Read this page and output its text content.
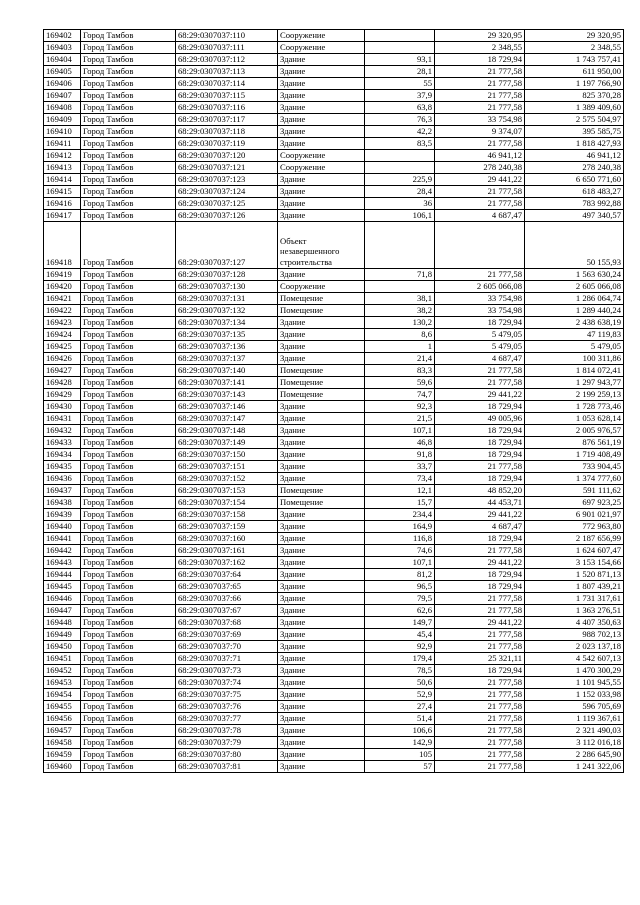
169402	Город Тамбов	68:29:0307037:110	Сооружение		29 320,95	29 320,95
169403	Город Тамбов	68:29:0307037:111	Сооружение		2 348,55	2 348,55
169404	Город Тамбов	68:29:0307037:112	Здание	93,1	18 729,94	1 743 757,41
169405	Город Тамбов	68:29:0307037:113	Здание	28,1	21 777,58	611 950,00
169406	Город Тамбов	68:29:0307037:114	Здание	55	21 777,58	1 197 766,90
169407	Город Тамбов	68:29:0307037:115	Здание	37,9	21 777,58	825 370,28
169408	Город Тамбов	68:29:0307037:116	Здание	63,8	21 777,58	1 389 409,60
169409	Город Тамбов	68:29:0307037:117	Здание	76,3	33 754,98	2 575 504,97
169410	Город Тамбов	68:29:0307037:118	Здание	42,2	9 374,07	395 585,75
169411	Город Тамбов	68:29:0307037:119	Здание	83,5	21 777,58	1 818 427,93
169412	Город Тамбов	68:29:0307037:120	Сооружение		46 941,12	46 941,12
169413	Город Тамбов	68:29:0307037:121	Сооружение		278 240,38	278 240,38
169414	Город Тамбов	68:29:0307037:123	Здание	225,9	29 441,22	6 650 771,60
169415	Город Тамбов	68:29:0307037:124	Здание	28,4	21 777,58	618 483,27
169416	Город Тамбов	68:29:0307037:125	Здание	36	21 777,58	783 992,88
169417	Город Тамбов	68:29:0307037:126	Здание	106,1	4 687,47	497 340,57
169418	Город Тамбов	68:29:0307037:127	Объект незавершенного строительства			50 155,93
169419	Город Тамбов	68:29:0307037:128	Здание	71,8	21 777,58	1 563 630,24
169420	Город Тамбов	68:29:0307037:130	Сооружение		2 605 066,08	2 605 066,08
169421	Город Тамбов	68:29:0307037:131	Помещение	38,1	33 754,98	1 286 064,74
169422	Город Тамбов	68:29:0307037:132	Помещение	38,2	33 754,98	1 289 440,24
169423	Город Тамбов	68:29:0307037:134	Здание	130,2	18 729,94	2 438 638,19
169424	Город Тамбов	68:29:0307037:135	Здание	8,6	5 479,05	47 119,83
169425	Город Тамбов	68:29:0307037:136	Здание	1	5 479,05	5 479,05
169426	Город Тамбов	68:29:0307037:137	Здание	21,4	4 687,47	100 311,86
169427	Город Тамбов	68:29:0307037:140	Помещение	83,3	21 777,58	1 814 072,41
169428	Город Тамбов	68:29:0307037:141	Помещение	59,6	21 777,58	1 297 943,77
169429	Город Тамбов	68:29:0307037:143	Помещение	74,7	29 441,22	2 199 259,13
169430	Город Тамбов	68:29:0307037:146	Здание	92,3	18 729,94	1 728 773,46
169431	Город Тамбов	68:29:0307037:147	Здание	21,5	49 005,96	1 053 628,14
169432	Город Тамбов	68:29:0307037:148	Здание	107,1	18 729,94	2 005 976,57
169433	Город Тамбов	68:29:0307037:149	Здание	46,8	18 729,94	876 561,19
169434	Город Тамбов	68:29:0307037:150	Здание	91,8	18 729,94	1 719 408,49
169435	Город Тамбов	68:29:0307037:151	Здание	33,7	21 777,58	733 904,45
169436	Город Тамбов	68:29:0307037:152	Здание	73,4	18 729,94	1 374 777,60
169437	Город Тамбов	68:29:0307037:153	Помещение	12,1	48 852,20	591 111,62
169438	Город Тамбов	68:29:0307037:154	Помещение	15,7	44 453,71	697 923,25
169439	Город Тамбов	68:29:0307037:158	Здание	234,4	29 441,22	6 901 021,97
169440	Город Тамбов	68:29:0307037:159	Здание	164,9	4 687,47	772 963,80
169441	Город Тамбов	68:29:0307037:160	Здание	116,8	18 729,94	2 187 656,99
169442	Город Тамбов	68:29:0307037:161	Здание	74,6	21 777,58	1 624 607,47
169443	Город Тамбов	68:29:0307037:162	Здание	107,1	29 441,22	3 153 154,66
169444	Город Тамбов	68:29:0307037:64	Здание	81,2	18 729,94	1 520 871,13
169445	Город Тамбов	68:29:0307037:65	Здание	96,5	18 729,94	1 807 439,21
169446	Город Тамбов	68:29:0307037:66	Здание	79,5	21 777,58	1 731 317,61
169447	Город Тамбов	68:29:0307037:67	Здание	62,6	21 777,58	1 363 276,51
169448	Город Тамбов	68:29:0307037:68	Здание	149,7	29 441,22	4 407 350,63
169449	Город Тамбов	68:29:0307037:69	Здание	45,4	21 777,58	988 702,13
169450	Город Тамбов	68:29:0307037:70	Здание	92,9	21 777,58	2 023 137,18
169451	Город Тамбов	68:29:0307037:71	Здание	179,4	25 321,11	4 542 607,13
169452	Город Тамбов	68:29:0307037:73	Здание	78,5	18 729,94	1 470 300,29
169453	Город Тамбов	68:29:0307037:74	Здание	50,6	21 777,58	1 101 945,55
169454	Город Тамбов	68:29:0307037:75	Здание	52,9	21 777,58	1 152 033,98
169455	Город Тамбов	68:29:0307037:76	Здание	27,4	21 777,58	596 705,69
169456	Город Тамбов	68:29:0307037:77	Здание	51,4	21 777,58	1 119 367,61
169457	Город Тамбов	68:29:0307037:78	Здание	106,6	21 777,58	2 321 490,03
169458	Город Тамбов	68:29:0307037:79	Здание	142,9	21 777,58	3 112 016,18
169459	Город Тамбов	68:29:0307037:80	Здание	105	21 777,58	2 286 645,90
169460	Город Тамбов	68:29:0307037:81	Здание	57	21 777,58	1 241 322,06
